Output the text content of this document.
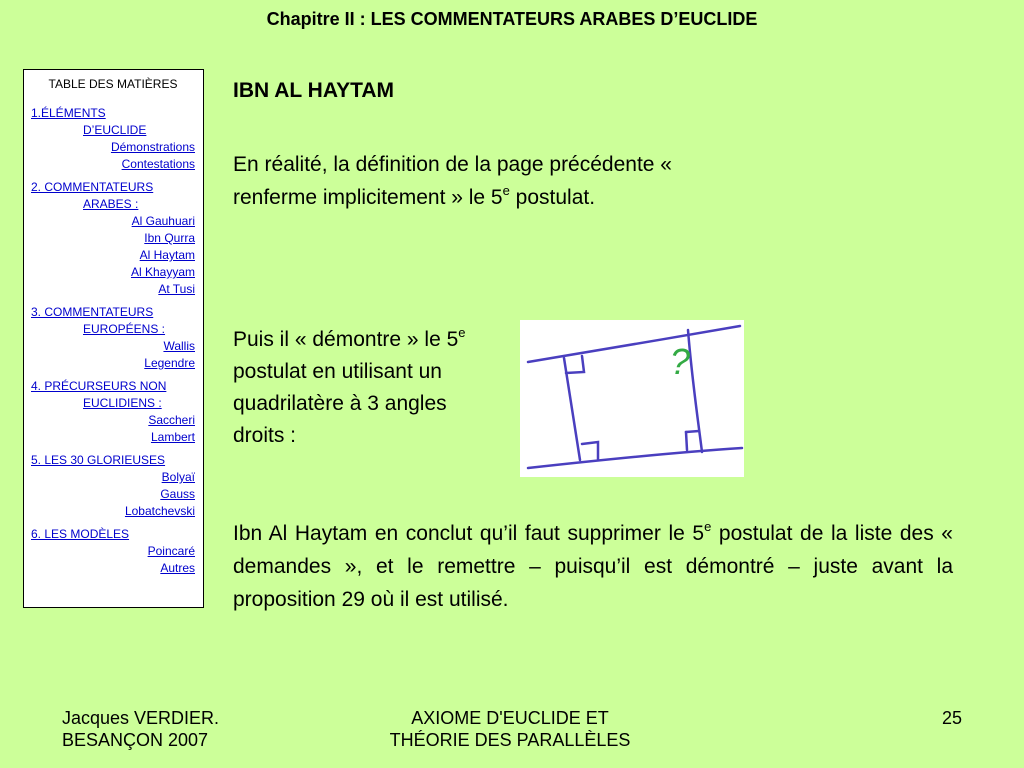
Chapitre II : LES COMMENTATEURS ARABES D’EUCLIDE
TABLE DES MATIÈRES
1.ÉLÉMENTS
D’EUCLIDE
Démonstrations
Contestations
2. COMMENTATEURS
ARABES :
Al Gauhuari
Ibn Qurra
Al Haytam
Al Khayyam
At Tusi
3. COMMENTATEURS
EUROPÉENS :
Wallis
Legendre
4. PRÉCURSEURS NON
EUCLIDIENS :
Saccheri
Lambert
5. LES 30 GLORIEUSES
Bolyaï
Gauss
Lobatchevski
6. LES MODÈLES
Poincaré
Autres
IBN AL HAYTAM
En réalité, la définition de la page précédente « renferme implicitement » le 5e postulat.
Puis il « démontre » le 5e postulat en utilisant un quadrilatère à 3 angles droits :
?
Ibn Al Haytam en conclut qu’il faut supprimer le 5e postulat de la liste des « demandes », et le remettre – puisqu’il est démontré – juste avant la proposition 29 où il est utilisé.
Jacques VERDIER.
BESANÇON 2007
AXIOME D'EUCLIDE ET
THÉORIE DES PARALLÈLES
25
